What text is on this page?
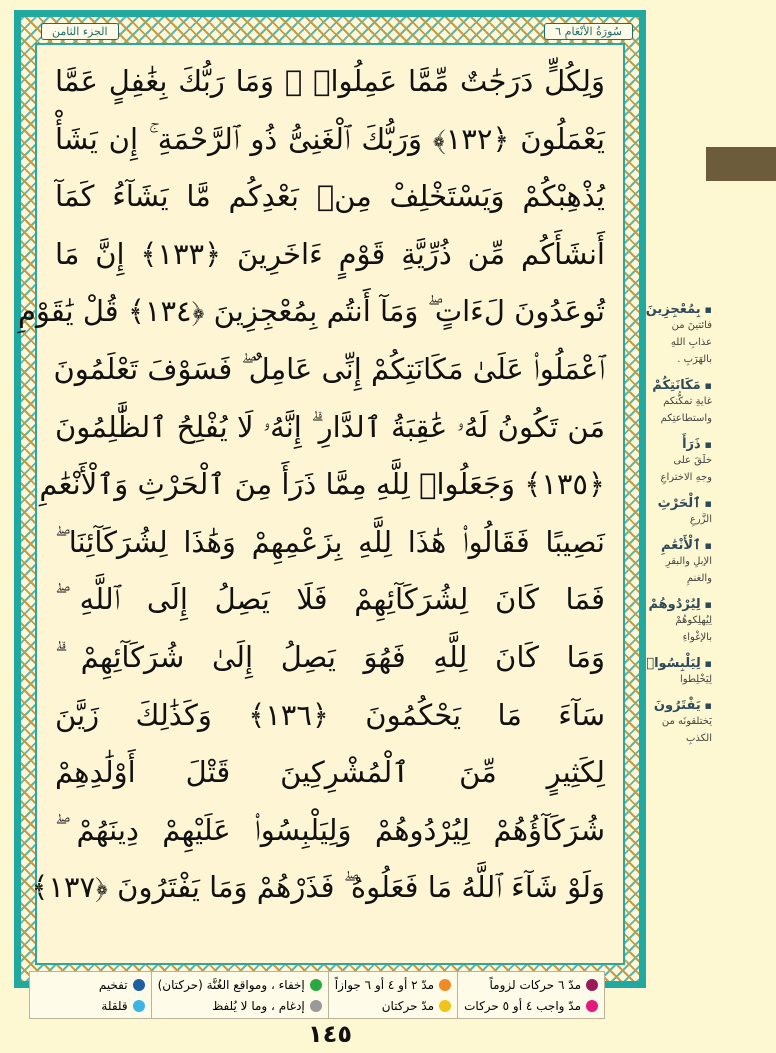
الجزء الثامن	سُورَةُ الأَنْعَامِ ٦
وَلِكُلٍّ دَرَجَٰتٌ مِّمَّا عَمِلُوا۟ ۚ وَمَا رَبُّكَ بِغَٰفِلٍ عَمَّا
يَعْمَلُونَ ﴿١٣٢﴾ وَرَبُّكَ ٱلْغَنِىُّ ذُو ٱلرَّحْمَةِ ۚ إِن يَشَأْ
يُذْهِبْكُمْ وَيَسْتَخْلِفْ مِنۢ بَعْدِكُم مَّا يَشَآءُ كَمَآ
أَنشَأَكُم مِّن ذُرِّيَّةِ قَوْمٍ ءَاخَرِينَ ﴿١٣٣﴾ إِنَّ مَا
تُوعَدُونَ لَءَاتٍ ۖ وَمَآ أَنتُم بِمُعْجِزِينَ ﴿١٣٤﴾ قُلْ يَٰقَوْمِ
ٱعْمَلُوا۟ عَلَىٰ مَكَانَتِكُمْ إِنِّى عَامِلٌ ۖ فَسَوْفَ تَعْلَمُونَ
مَن تَكُونُ لَهُۥ عَٰقِبَةُ ٱلدَّارِ ۗ إِنَّهُۥ لَا يُفْلِحُ ٱلظَّٰلِمُونَ
﴿١٣٥﴾ وَجَعَلُوا۟ لِلَّهِ مِمَّا ذَرَأَ مِنَ ٱلْحَرْثِ وَٱلْأَنْعَٰمِ
نَصِيبًا فَقَالُوا۟ هَٰذَا لِلَّهِ بِزَعْمِهِمْ وَهَٰذَا لِشُرَكَآئِنَا ۖ
فَمَا كَانَ لِشُرَكَآئِهِمْ فَلَا يَصِلُ إِلَى ٱللَّهِ ۖ
وَمَا كَانَ لِلَّهِ فَهُوَ يَصِلُ إِلَىٰ شُرَكَآئِهِمْ ۗ
سَآءَ مَا يَحْكُمُونَ ﴿١٣٦﴾ وَكَذَٰلِكَ زَيَّنَ
لِكَثِيرٍ مِّنَ ٱلْمُشْرِكِينَ قَتْلَ أَوْلَٰدِهِمْ
شُرَكَآؤُهُمْ لِيُرْدُوهُمْ وَلِيَلْبِسُوا۟ عَلَيْهِمْ دِينَهُمْ ۖ
وَلَوْ شَآءَ ٱللَّهُ مَا فَعَلُوهُ ۖ فَذَرْهُمْ وَمَا يَفْتَرُونَ ﴿١٣٧﴾
مدّ ٦ حركات لزوماً
مدّ واجب ٤ أو ٥ حركات
مدّ ٢ أو ٤ أو ٦ جوازاً
مدّ حركتان
إخفاء ، ومواقع الغُنَّة (حركتان)
إدغام ، وما لا يُلفظ
تفخيم
قلقلة
▪ بِمُعْجِزِينَ
فائتينَ من عذابِ اللهِ بالهَرَبِ .
▪ مَكَانَتِكُمْ
غايةِ تمكُّنكم واستطاعتِكم
▪ ذَرَأَ
خلَقَ على وجهِ الاختراعِ
▪ ٱلْحَرْثِ
الزَّرعِ
▪ ٱلْأَنْعَٰمِ
الإبلِ والبقرِ والغنمِ
▪ لِيُرْدُوهُمْ
لِيُهلِكوهُمْ بالإغْواءِ
▪ لِيَلْبِسُوا۟
لِيَخْلِطوا
▪ يَفْتَرُونَ
يَختلقونَه من الكذبِ
١٤٥
